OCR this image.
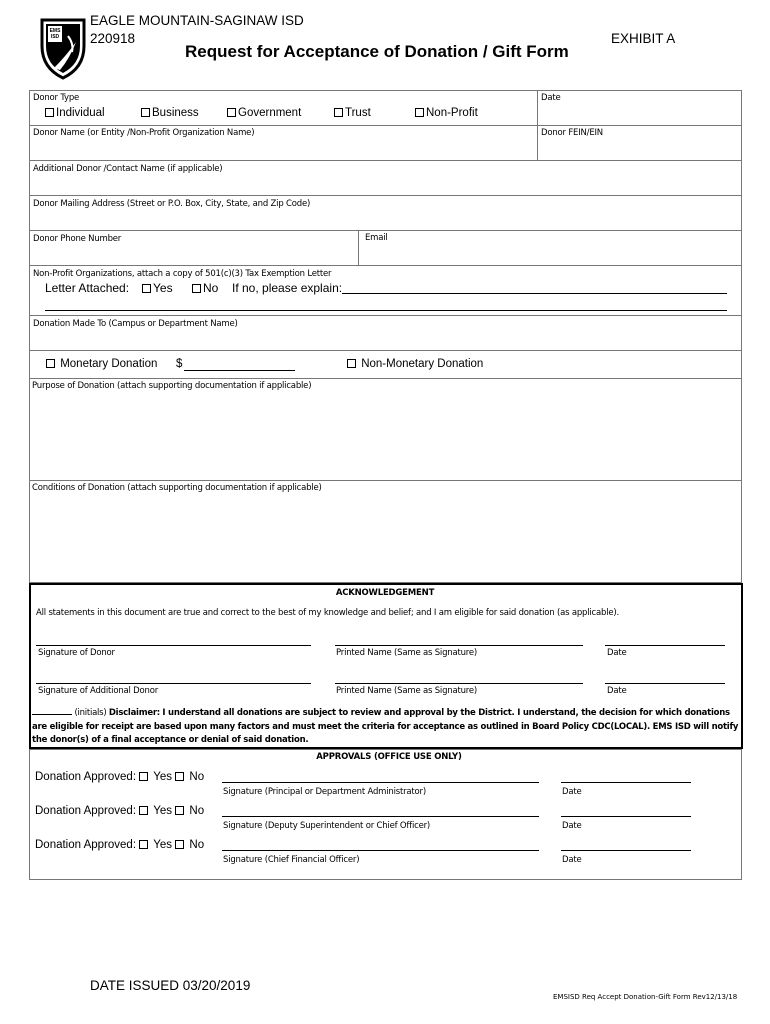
EMS ISD
EAGLE MOUNTAIN-SAGINAW ISD
220918	EXHIBIT A
Request for Acceptance of Donation / Gift Form
Donor Type
Individual	Business	Government	Trust	Non-Profit
Date
Donor Name (or Entity /Non-Profit Organization Name)	Donor FEIN/EIN
Additional Donor /Contact Name (if applicable)
Donor Mailing Address (Street or P.O. Box, City, State, and Zip Code)
Donor Phone Number	Email
Non-Profit Organizations, attach a copy of 501(c)(3) Tax Exemption Letter
Letter Attached:	Yes	No If no, please explain:
Donation Made To (Campus or Department Name)
Monetary Donation $	Non-Monetary Donation
Purpose of Donation (attach supporting documentation if applicable)
Conditions of Donation (attach supporting documentation if applicable)
ACKNOWLEDGEMENT
All statements in this document are true and correct to the best of my knowledge and belief; and I am eligible for said donation (as applicable).
Signature of Donor	Printed Name (Same as Signature)	Date
Signature of Additional Donor	Printed Name (Same as Signature)	Date
(initials) Disclaimer: I understand all donations are subject to review and approval by the District. I understand, the decision for which donations are eligible for receipt are based upon many factors and must meet the criteria for acceptance as outlined in Board Policy CDC(LOCAL). EMS ISD will notify the donor(s) of a final acceptance or denial of said donation.
APPROVALS (OFFICE USE ONLY)
Donation Approved: Yes No
Signature (Principal or Department Administrator)	Date
Donation Approved: Yes No
Signature (Deputy Superintendent or Chief Officer)	Date
Donation Approved: Yes No
Signature (Chief Financial Officer)	Date
DATE ISSUED 03/20/2019
EMSISD Req Accept Donation-Gift Form Rev12/13/18
